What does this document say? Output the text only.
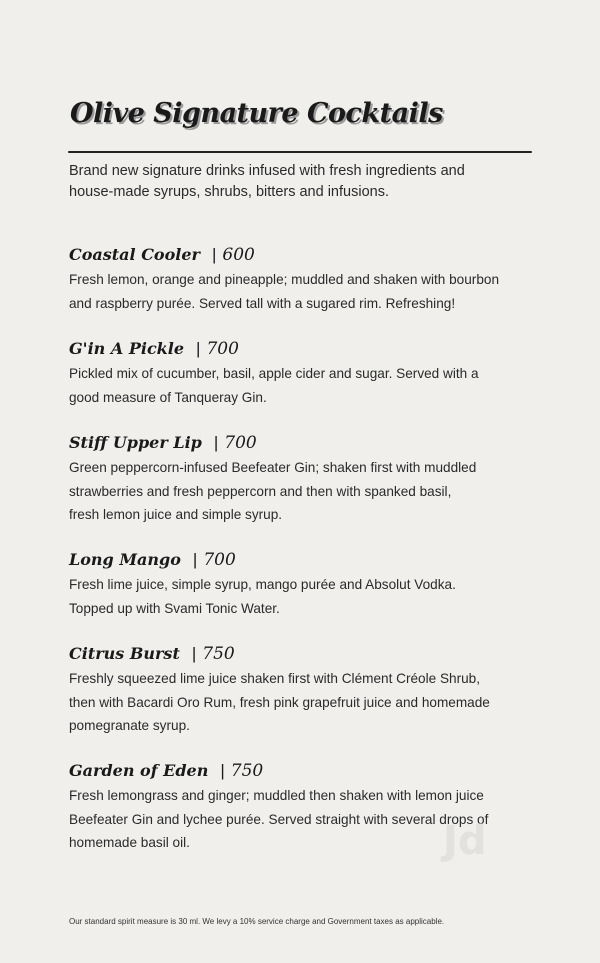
Olive Signature Cocktails
Brand new signature drinks infused with fresh ingredients and
house-made syrups, shrubs, bitters and infusions.
Coastal Cooler | 600
Fresh lemon, orange and pineapple; muddled and shaken with bourbon
and raspberry purée. Served tall with a sugared rim. Refreshing!
G'in A Pickle | 700
Pickled mix of cucumber, basil, apple cider and sugar. Served with a
good measure of Tanqueray Gin.
Stiff Upper Lip | 700
Green peppercorn-infused Beefeater Gin; shaken first with muddled
strawberries and fresh peppercorn and then with spanked basil,
fresh lemon juice and simple syrup.
Long Mango | 700
Fresh lime juice, simple syrup, mango purée and Absolut Vodka.
Topped up with Svami Tonic Water.
Citrus Burst | 750
Freshly squeezed lime juice shaken first with Clément Créole Shrub,
then with Bacardi Oro Rum, fresh pink grapefruit juice and homemade
pomegranate syrup.
Garden of Eden | 750
Fresh lemongrass and ginger; muddled then shaken with lemon juice
Beefeater Gin and lychee purée. Served straight with several drops of
homemade basil oil.	Jd
Our standard spirit measure is 30 ml. We levy a 10% service charge and Government taxes as applicable.
